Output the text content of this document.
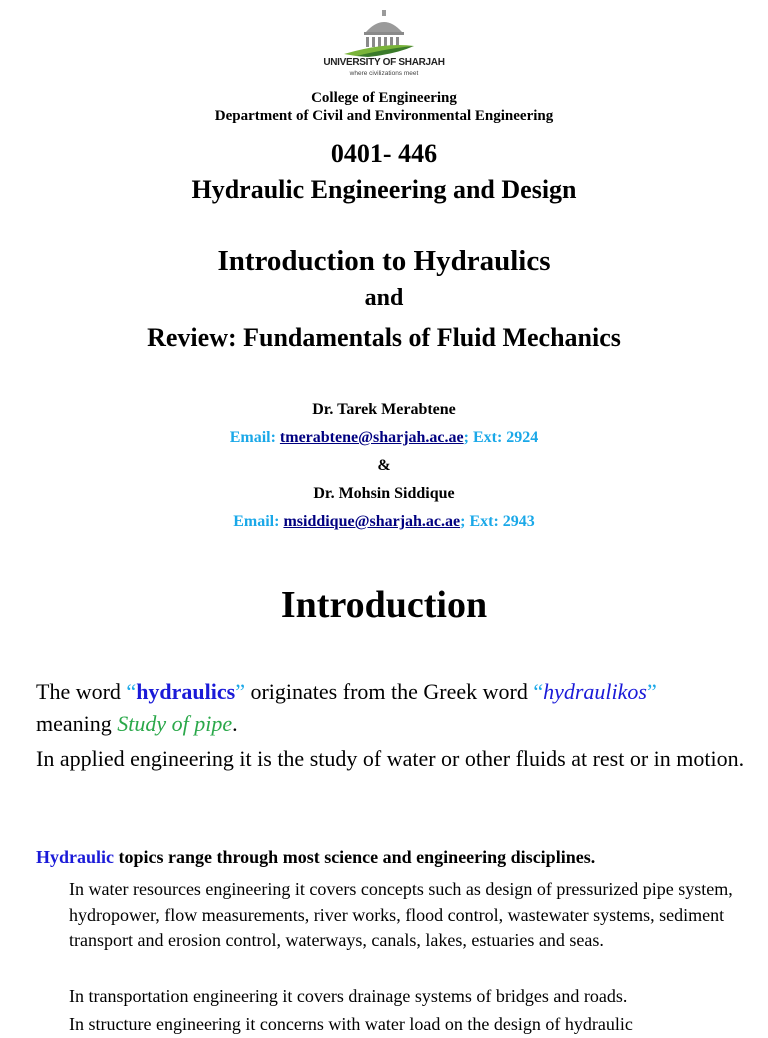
UNIVERSITY OF SHARJAH
where civilizations meet
College of Engineering
Department of Civil and Environmental Engineering
0401- 446
Hydraulic Engineering and Design
Introduction to Hydraulics
and
Review: Fundamentals of Fluid Mechanics
Dr. Tarek Merabtene
Email: tmerabtene@sharjah.ac.ae; Ext: 2924
&
Dr. Mohsin Siddique
Email: msiddique@sharjah.ac.ae; Ext: 2943
Introduction
The word “hydraulics” originates from the Greek word “hydraulikos”
meaning Study of pipe.
In applied engineering it is the study of water or other fluids at rest or in motion.
Hydraulic topics range through most science and engineering disciplines.
In water resources engineering it covers concepts such as design of pressurized pipe system, hydropower, flow measurements, river works, flood control, wastewater systems, sediment transport and erosion control, waterways, canals, lakes, estuaries and seas.
In transportation engineering it covers drainage systems of bridges and roads.
In structure engineering it concerns with water load on the design of hydraulic
